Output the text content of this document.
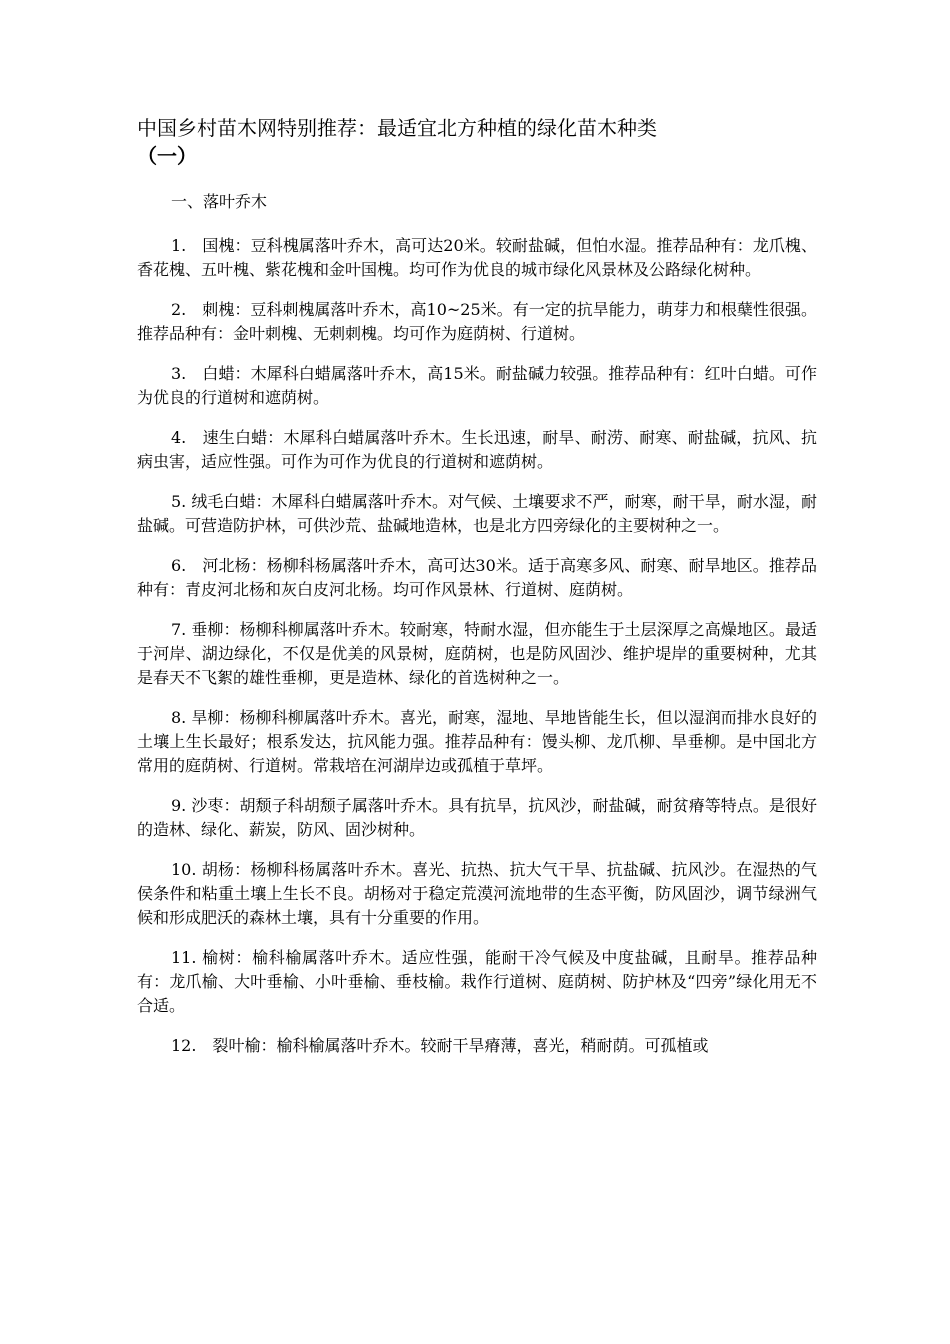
中国乡村苗木网特别推荐：最适宜北方种植的绿化苗木种类
（一）

一、落叶乔木

1.　国槐：豆科槐属落叶乔木，高可达20米。较耐盐碱，但怕水湿。推荐品种有：龙爪槐、香花槐、五叶槐、紫花槐和金叶国槐。均可作为优良的城市绿化风景林及公路绿化树种。

2.　刺槐：豆科刺槐属落叶乔木，高10~25米。有一定的抗旱能力，萌芽力和根蘖性很强。推荐品种有：金叶刺槐、无刺刺槐。均可作为庭荫树、行道树。

3.　白蜡：木犀科白蜡属落叶乔木，高15米。耐盐碱力较强。推荐品种有：红叶白蜡。可作为优良的行道树和遮荫树。

4.　速生白蜡：木犀科白蜡属落叶乔木。生长迅速，耐旱、耐涝、耐寒、耐盐碱，抗风、抗病虫害，适应性强。可作为可作为优良的行道树和遮荫树。

5. 绒毛白蜡：木犀科白蜡属落叶乔木。对气候、土壤要求不严，耐寒，耐干旱，耐水湿，耐盐碱。可营造防护林，可供沙荒、盐碱地造林，也是北方四旁绿化的主要树种之一。

6.　河北杨：杨柳科杨属落叶乔木，高可达30米。适于高寒多风、耐寒、耐旱地区。推荐品种有：青皮河北杨和灰白皮河北杨。均可作风景林、行道树、庭荫树。

7. 垂柳：杨柳科柳属落叶乔木。较耐寒，特耐水湿，但亦能生于土层深厚之高燥地区。最适于河岸、湖边绿化，不仅是优美的风景树，庭荫树，也是防风固沙、维护堤岸的重要树种，尤其是春天不飞絮的雄性垂柳，更是造林、绿化的首选树种之一。

8. 旱柳：杨柳科柳属落叶乔木。喜光，耐寒，湿地、旱地皆能生长，但以湿润而排水良好的土壤上生长最好；根系发达，抗风能力强。推荐品种有：馒头柳、龙爪柳、旱垂柳。是中国北方常用的庭荫树、行道树。常栽培在河湖岸边或孤植于草坪。

9. 沙枣：胡颓子科胡颓子属落叶乔木。具有抗旱，抗风沙，耐盐碱，耐贫瘠等特点。是很好的造林、绿化、薪炭，防风、固沙树种。

10. 胡杨：杨柳科杨属落叶乔木。喜光、抗热、抗大气干旱、抗盐碱、抗风沙。在湿热的气侯条件和粘重土壤上生长不良。胡杨对于稳定荒漠河流地带的生态平衡，防风固沙，调节绿洲气候和形成肥沃的森林土壤，具有十分重要的作用。

11. 榆树：榆科榆属落叶乔木。适应性强，能耐干冷气候及中度盐碱，且耐旱。推荐品种有：龙爪榆、大叶垂榆、小叶垂榆、垂枝榆。栽作行道树、庭荫树、防护林及“四旁”绿化用无不合适。

12.　裂叶榆：榆科榆属落叶乔木。较耐干旱瘠薄，喜光，稍耐荫。可孤植或
